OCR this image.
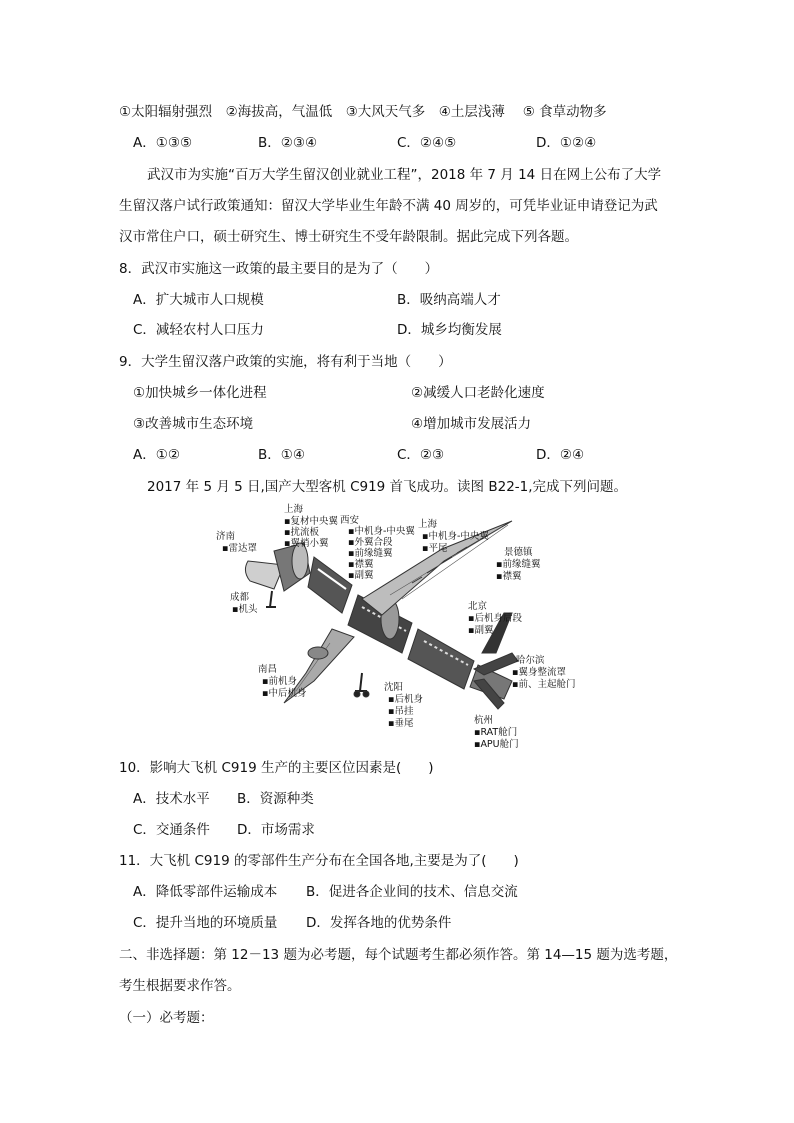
①太阳辐射强烈　②海拔高，气温低　③大风天气多　④土层浅薄　 ⑤ 食草动物多
A．①③⑤	B．②③④	C．②④⑤	D．①②④
武汉市为实施“百万大学生留汉创业就业工程”，2018 年 7 月 14 日在网上公布了大学
生留汉落户试行政策通知：留汉大学毕业生年龄不满 40 周岁的，可凭毕业证申请登记为武
汉市常住户口，硕士研究生、博士研究生不受年龄限制。据此完成下列各题。
8．武汉市实施这一政策的最主要目的是为了（　　）
A．扩大城市人口规模	B．吸纳高端人才
C．减轻农村人口压力	D．城乡均衡发展
9．大学生留汉落户政策的实施，将有利于当地（　　）
①加快城乡一体化进程	②减缓人口老龄化速度
③改善城市生态环境	④增加城市发展活力
A．①②	B．①④	C．②③	D．②④
2017 年 5 月 5 日,国产大型客机 C919 首飞成功。读图 B22-1,完成下列问题。
上海
▪复材中央翼
▪扰流板
▪翼梢小翼
西安
▪中机身-中央翼
▪外翼合段
▪前缘缝翼
▪襟翼
▪副翼
上海
▪中机身-中央翼
▪平尾	景德镇
▪前缘缝翼
▪襟翼
济南
▪雷达罩
成都
▪机头	北京
▪后机身后段
▪副翼
南昌
▪前机身
▪中后机身
沈阳
▪后机身
▪吊挂
▪垂尾
哈尔滨
▪翼身整流罩
▪前、主起舱门
杭州
▪RAT舱门
▪APU舱门
10．影响大飞机 C919 生产的主要区位因素是(　　)
A．技术水平 B．资源种类
C．交通条件 D．市场需求
11．大飞机 C919 的零部件生产分布在全国各地,主要是为了(　　)
A．降低零部件运输成本 B．促进各企业间的技术、信息交流
C．提升当地的环境质量 D．发挥各地的优势条件
二、非选择题：第 12－13 题为必考题，每个试题考生都必须作答。第 14—15 题为选考题，
考生根据要求作答。
（一）必考题：
